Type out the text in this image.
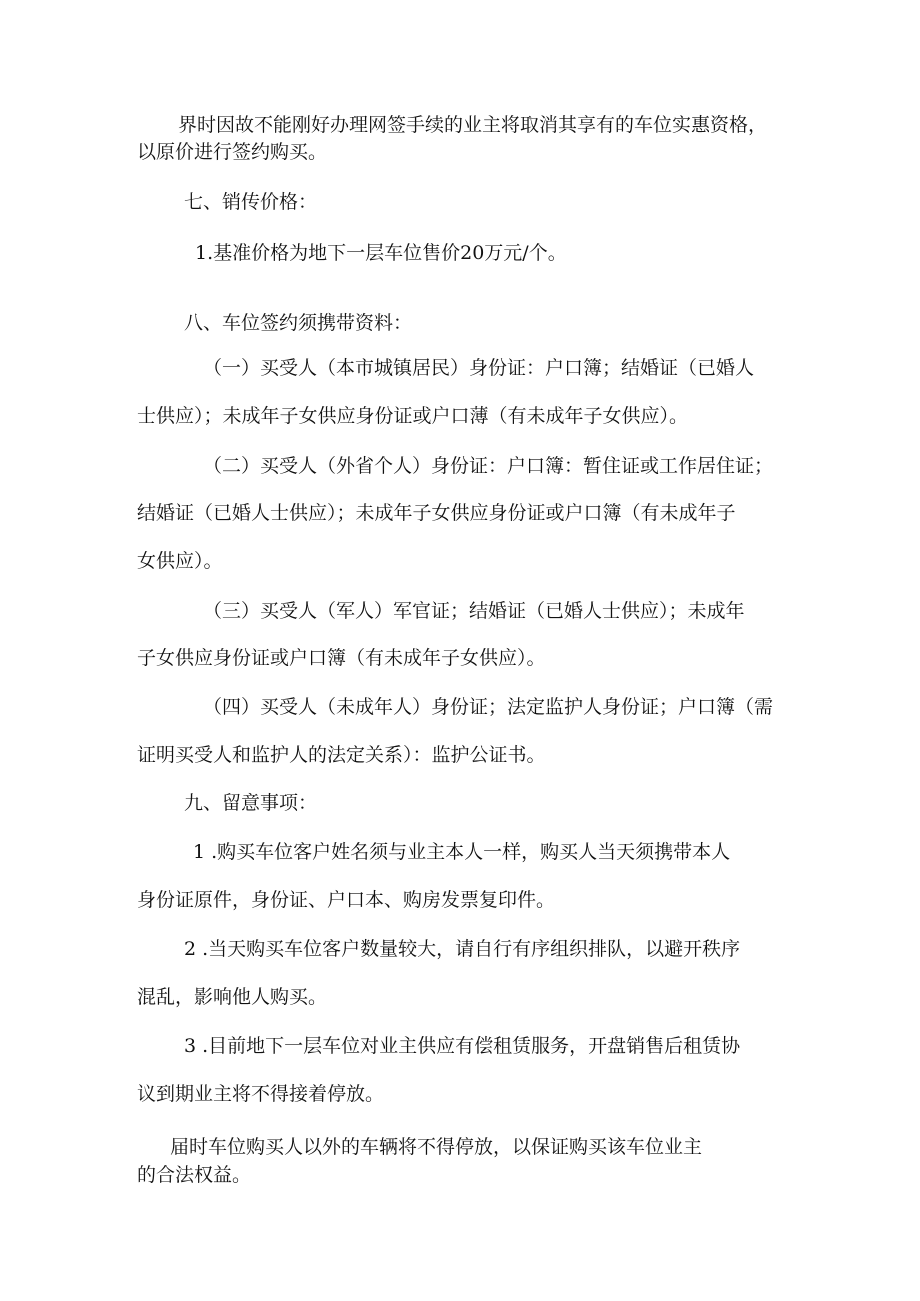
界时因故不能刚好办理网签手续的业主将取消其享有的车位实惠资格，
以原价进行签约购买。
七、销传价格：
1.基准价格为地下一层车位售价20万元/个。
八、车位签约须携带资料：
（一）买受人（本市城镇居民）身份证：户口簿；结婚证（已婚人
士供应）；未成年子女供应身份证或户口薄（有未成年子女供应）。
（二）买受人（外省个人）身份证：户口簿：暂住证或工作居住证；
结婚证（已婚人士供应）；未成年子女供应身份证或户口簿（有未成年子
女供应）。
（三）买受人（军人）军官证；结婚证（已婚人士供应）；未成年
子女供应身份证或户口簿（有未成年子女供应）。
（四）买受人（未成年人）身份证；法定监护人身份证；户口簿（需
证明买受人和监护人的法定关系）：监护公证书。
九、留意事项：
1 .购买车位客户姓名须与业主本人一样，购买人当天须携带本人
身份证原件，身份证、户口本、购房发票复印件。
2 .当天购买车位客户数量较大，请自行有序组织排队，以避开秩序
混乱，影响他人购买。
3 .目前地下一层车位对业主供应有偿租赁服务，开盘销售后租赁协
议到期业主将不得接着停放。
届时车位购买人以外的车辆将不得停放，以保证购买该车位业主
的合法权益。
